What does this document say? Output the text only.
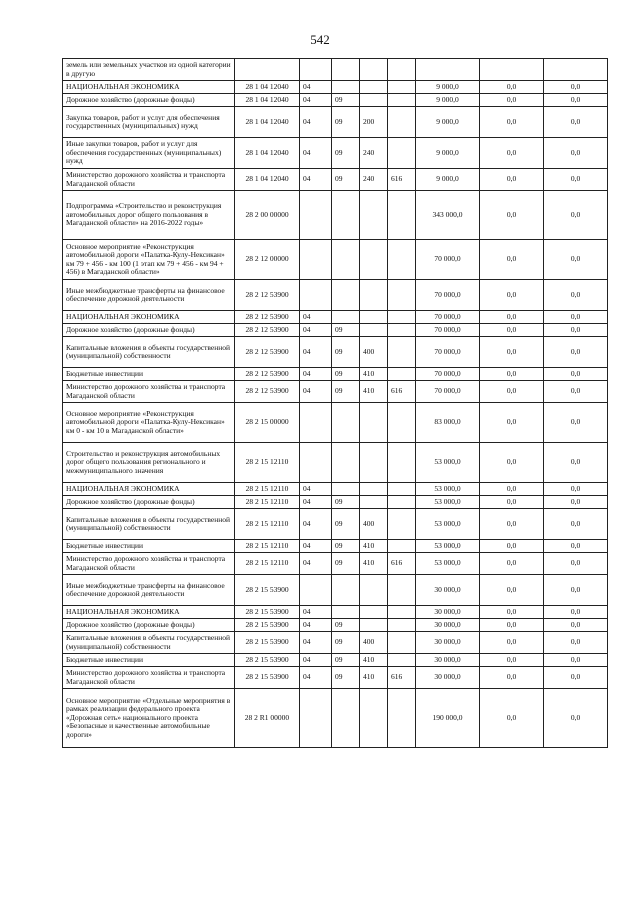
542
земель или земельных участков из одной категории в другую								
НАЦИОНАЛЬНАЯ ЭКОНОМИКА	28 1 04 12040	04				9 000,0	0,0	0,0
Дорожное хозяйство (дорожные фонды)	28 1 04 12040	04	09			9 000,0	0,0	0,0
Закупка товаров, работ и услуг для обеспечения государственных (муниципальных) нужд	28 1 04 12040	04	09	200		9 000,0	0,0	0,0
Иные закупки товаров, работ и услуг для обеспечения государственных (муниципальных) нужд	28 1 04 12040	04	09	240		9 000,0	0,0	0,0
Министерство дорожного хозяйства и транспорта Магаданской области	28 1 04 12040	04	09	240	616	9 000,0	0,0	0,0
Подпрограмма «Строительство и реконструкция автомобильных дорог общего пользования в Магаданской области» на 2016-2022 годы»	28 2 00 00000					343 000,0	0,0	0,0
Основное мероприятие «Реконструкция автомобильной дороги «Палатка-Кулу-Нексикан» км 79 + 456 - км 100 (1 этап км 79 + 456 - км 94 + 456) в Магаданской области»	28 2 12 00000					70 000,0	0,0	0,0
Иные межбюджетные трансферты на финансовое обеспечение дорожной деятельности	28 2 12 53900					70 000,0	0,0	0,0
НАЦИОНАЛЬНАЯ ЭКОНОМИКА	28 2 12 53900	04				70 000,0	0,0	0,0
Дорожное хозяйство (дорожные фонды)	28 2 12 53900	04	09			70 000,0	0,0	0,0
Капитальные вложения в объекты государственной (муниципальной) собственности	28 2 12 53900	04	09	400		70 000,0	0,0	0,0
Бюджетные инвестиции	28 2 12 53900	04	09	410		70 000,0	0,0	0,0
Министерство дорожного хозяйства и транспорта Магаданской области	28 2 12 53900	04	09	410	616	70 000,0	0,0	0,0
Основное мероприятие «Реконструкция автомобильной дороги «Палатка-Кулу-Нексикан» км 0 - км 10 в Магаданской области»	28 2 15 00000					83 000,0	0,0	0,0
Строительство и реконструкция автомобильных дорог общего пользования регионального и межмуниципального значения	28 2 15 12110					53 000,0	0,0	0,0
НАЦИОНАЛЬНАЯ ЭКОНОМИКА	28 2 15 12110	04				53 000,0	0,0	0,0
Дорожное хозяйство (дорожные фонды)	28 2 15 12110	04	09			53 000,0	0,0	0,0
Капитальные вложения в объекты государственной (муниципальной) собственности	28 2 15 12110	04	09	400		53 000,0	0,0	0,0
Бюджетные инвестиции	28 2 15 12110	04	09	410		53 000,0	0,0	0,0
Министерство дорожного хозяйства и транспорта Магаданской области	28 2 15 12110	04	09	410	616	53 000,0	0,0	0,0
Иные межбюджетные трансферты на финансовое обеспечение дорожной деятельности	28 2 15 53900					30 000,0	0,0	0,0
НАЦИОНАЛЬНАЯ ЭКОНОМИКА	28 2 15 53900	04				30 000,0	0,0	0,0
Дорожное хозяйство (дорожные фонды)	28 2 15 53900	04	09			30 000,0	0,0	0,0
Капитальные вложения в объекты государственной (муниципальной) собственности	28 2 15 53900	04	09	400		30 000,0	0,0	0,0
Бюджетные инвестиции	28 2 15 53900	04	09	410		30 000,0	0,0	0,0
Министерство дорожного хозяйства и транспорта Магаданской области	28 2 15 53900	04	09	410	616	30 000,0	0,0	0,0
Основное мероприятие «Отдельные мероприятия в рамках реализации федерального проекта «Дорожная сеть» национального проекта «Безопасные и качественные автомобильные дороги»	28 2 R1 00000					190 000,0	0,0	0,0
